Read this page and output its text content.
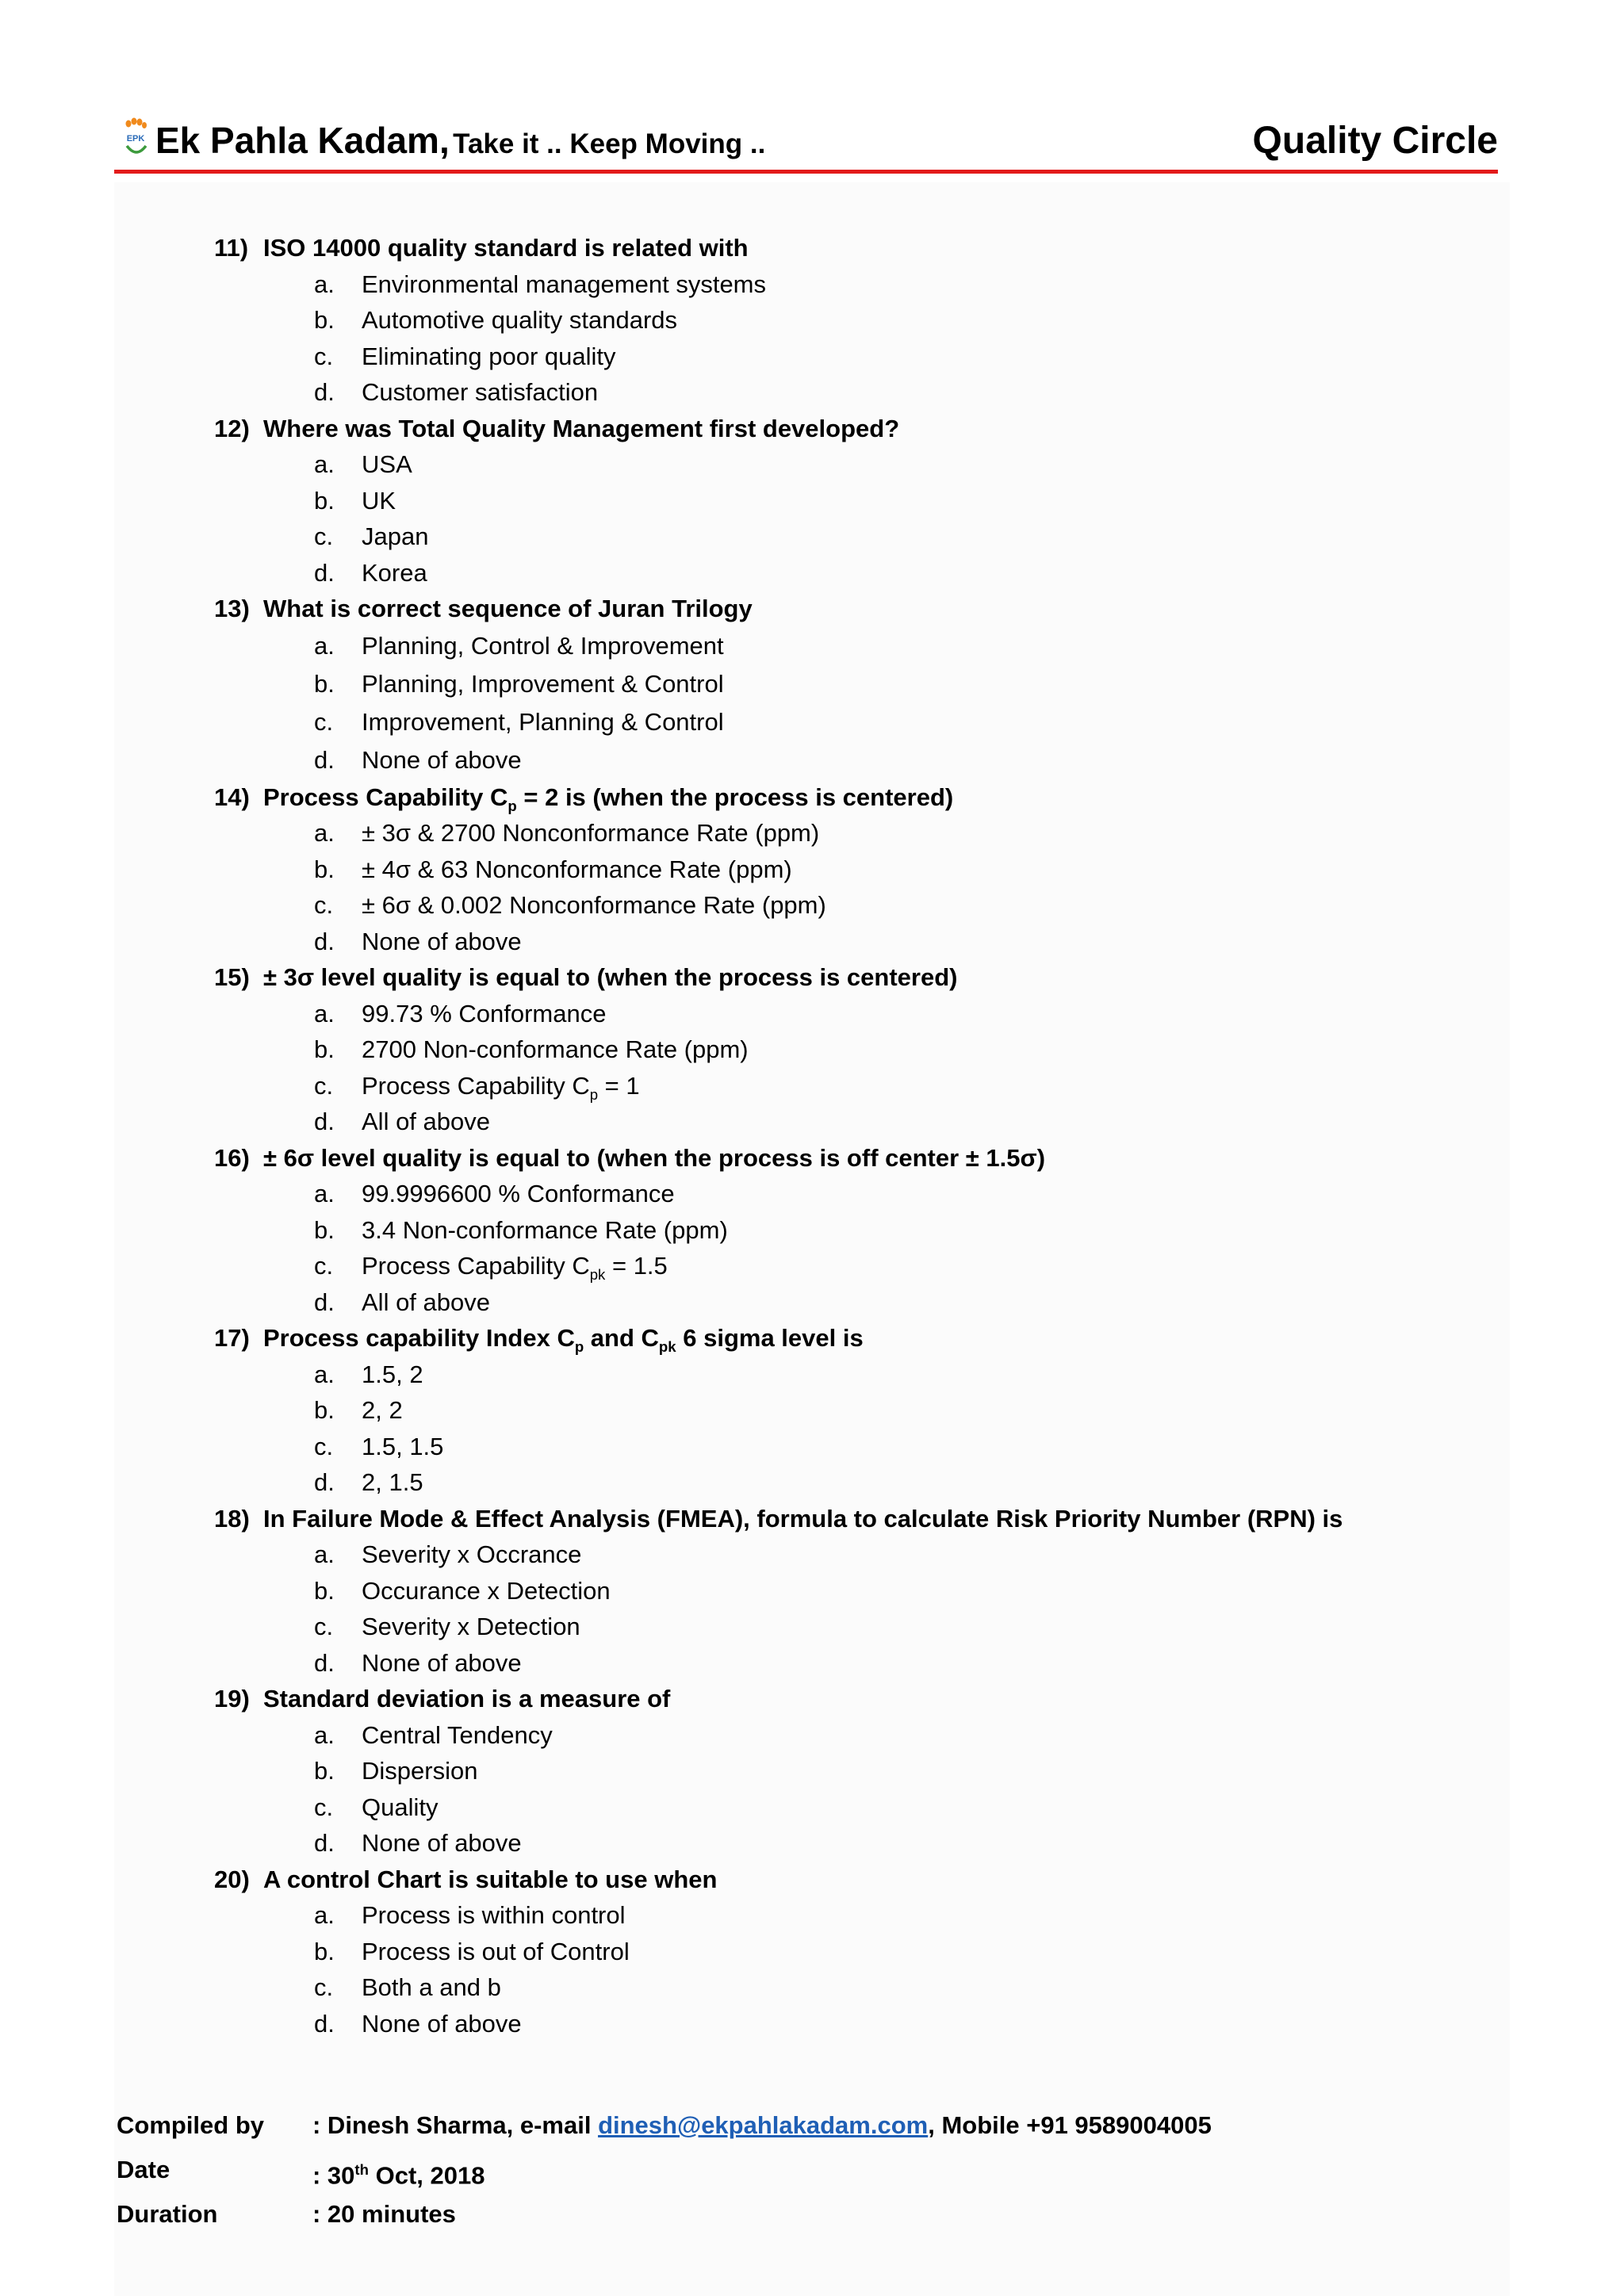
EPK Ek Pahla Kadam, Take it .. Keep Moving ..	Quality Circle
11) ISO 14000 quality standard is related with
a. Environmental management systems
b. Automotive quality standards
c. Eliminating poor quality
d. Customer satisfaction
12) Where was Total Quality Management first developed?
a. USA
b. UK
c. Japan
d. Korea
13) What is correct sequence of Juran Trilogy
a. Planning, Control & Improvement
b. Planning, Improvement & Control
c. Improvement, Planning & Control
d. None of above
14) Process Capability $C_p = 2$ is (when the process is centered)
a. ± 3σ & 2700 Nonconformance Rate (ppm)
b. ± 4σ & 63 Nonconformance Rate (ppm)
c. ± 6σ & 0.002 Nonconformance Rate (ppm)
d. None of above
15) ± 3σ level quality is equal to (when the process is centered)
a. 99.73 % Conformance
b. 2700 Non-conformance Rate (ppm)
c. Process Capability $C_p = 1$
d. All of above
16) ± 6σ level quality is equal to (when the process is off center ± 1.5σ)
a. 99.9996600 % Conformance
b. 3.4 Non-conformance Rate (ppm)
c. Process Capability $C_{pk} = 1.5$
d. All of above
17) Process capability Index $C_p$ and $C_{pk}$ 6 sigma level is
a. 1.5, 2
b. 2, 2
c. 1.5, 1.5
d. 2, 1.5
18) In Failure Mode & Effect Analysis (FMEA), formula to calculate Risk Priority Number (RPN) is
a. Severity x Occrance
b. Occurance x Detection
c. Severity x Detection
d. None of above
19) Standard deviation is a measure of
a. Central Tendency
b. Dispersion
c. Quality
d. None of above
20) A control Chart is suitable to use when
a. Process is within control
b. Process is out of Control
c. Both a and b
d. None of above
Compiled by : Dinesh Sharma, e-mail dinesh@ekpahlakadam.com, Mobile +91 9589004005
Date	: 30th Oct, 2018
Duration	: 20 minutes
